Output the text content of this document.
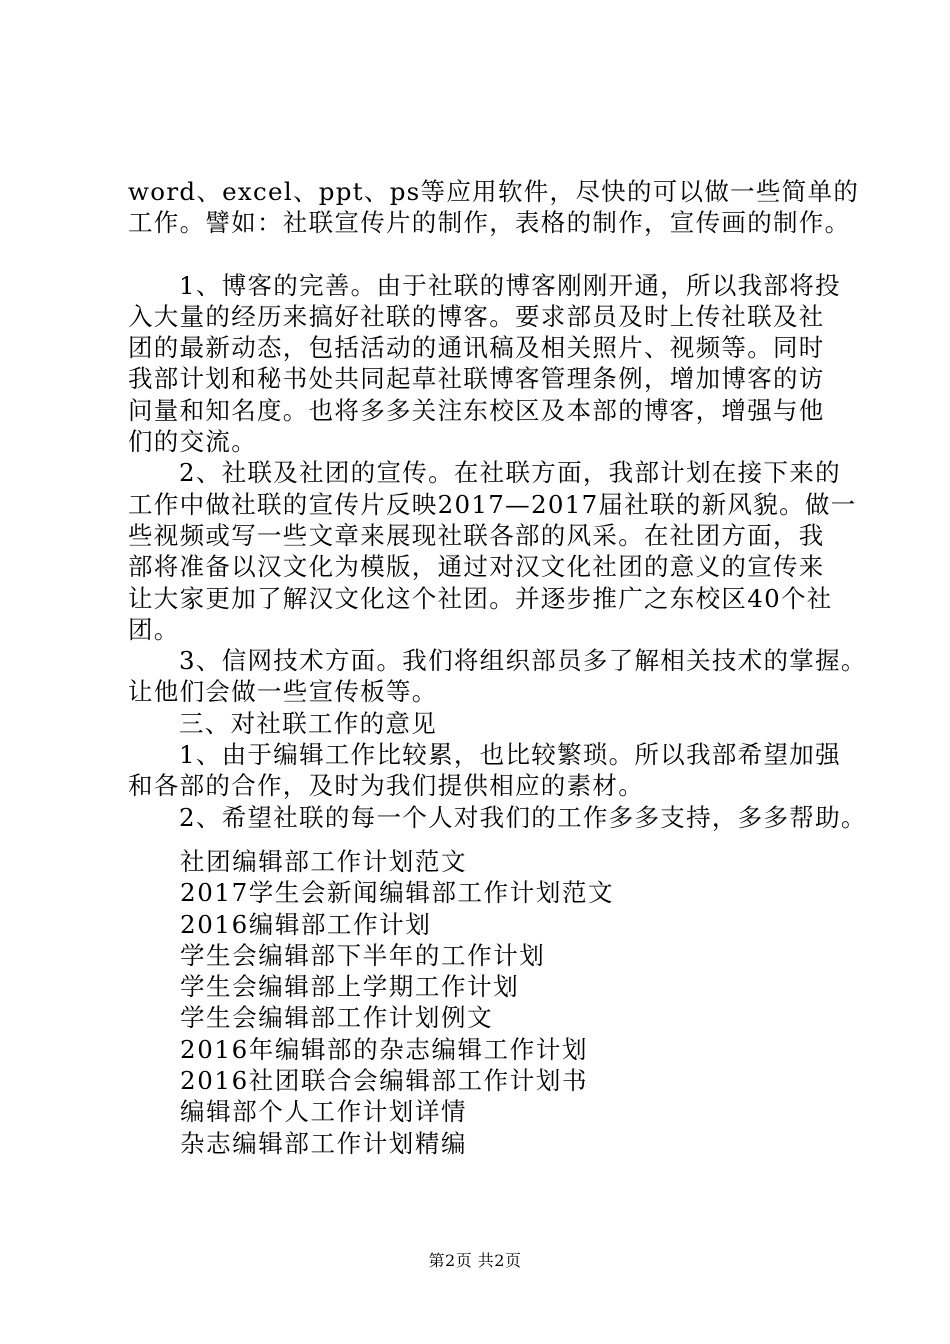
word、excel、ppt、ps等应用软件，尽快的可以做一些简单的
工作。譬如：社联宣传片的制作，表格的制作，宣传画的制作。
1、博客的完善。由于社联的博客刚刚开通，所以我部将投
入大量的经历来搞好社联的博客。要求部员及时上传社联及社
团的最新动态，包括活动的通讯稿及相关照片、视频等。同时
我部计划和秘书处共同起草社联博客管理条例，增加博客的访
问量和知名度。也将多多关注东校区及本部的博客，增强与他
们的交流。
2、社联及社团的宣传。在社联方面，我部计划在接下来的
工作中做社联的宣传片反映2017—2017届社联的新风貌。做一
些视频或写一些文章来展现社联各部的风采。在社团方面，我
部将准备以汉文化为模版，通过对汉文化社团的意义的宣传来
让大家更加了解汉文化这个社团。并逐步推广之东校区40个社
团。
3、信网技术方面。我们将组织部员多了解相关技术的掌握。
让他们会做一些宣传板等。
三、对社联工作的意见
1、由于编辑工作比较累，也比较繁琐。所以我部希望加强
和各部的合作，及时为我们提供相应的素材。
2、希望社联的每一个人对我们的工作多多支持，多多帮助。
社团编辑部工作计划范文
2017学生会新闻编辑部工作计划范文
2016编辑部工作计划
学生会编辑部下半年的工作计划
学生会编辑部上学期工作计划
学生会编辑部工作计划例文
2016年编辑部的杂志编辑工作计划
2016社团联合会编辑部工作计划书
编辑部个人工作计划详情
杂志编辑部工作计划精编
第2页 共2页
